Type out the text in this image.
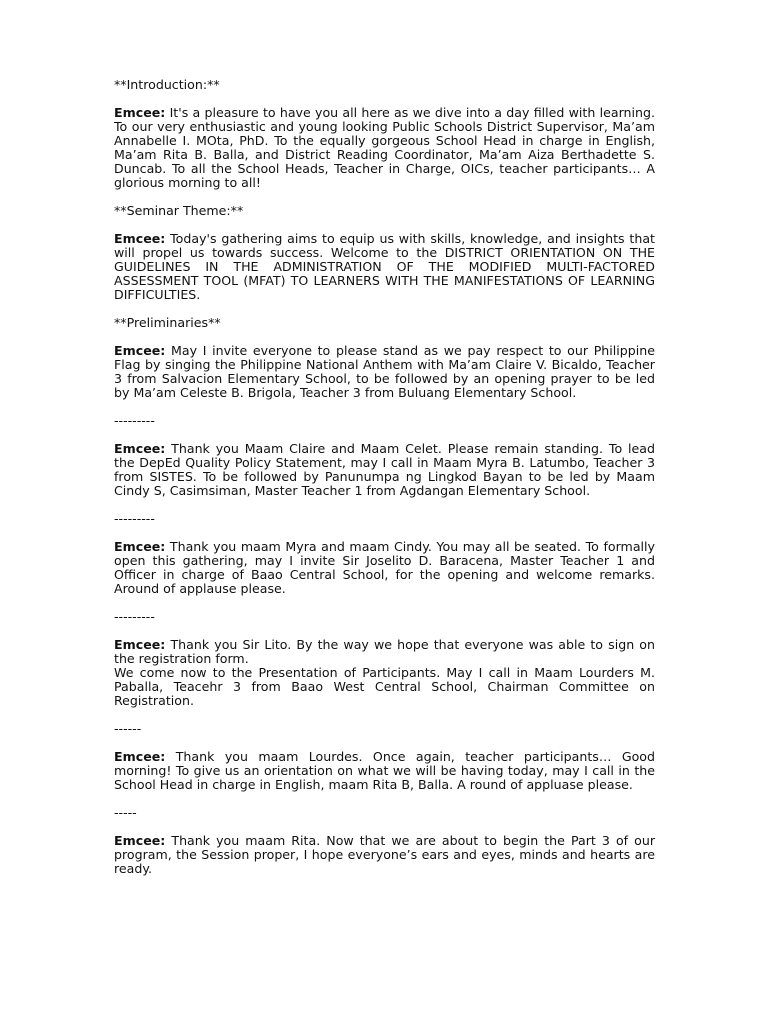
**Introduction:**

Emcee: It's a pleasure to have you all here as we dive into a day filled with learning. To our very enthusiastic and young looking Public Schools District Supervisor, Ma’am Annabelle I. MOta, PhD. To the equally gorgeous School Head in charge in English, Ma’am Rita B. Balla, and District Reading Coordinator, Ma’am Aiza Berthadette S. Duncab. To all the School Heads, Teacher in Charge, OICs, teacher participants… A glorious morning to all!

**Seminar Theme:**

Emcee: Today's gathering aims to equip us with skills, knowledge, and insights that will propel us towards success. Welcome to the DISTRICT ORIENTATION ON THE GUIDELINES IN THE ADMINISTRATION OF THE MODIFIED MULTI-FACTORED ASSESSMENT TOOL (MFAT) TO LEARNERS WITH THE MANIFESTATIONS OF LEARNING DIFFICULTIES.

**Preliminaries**

Emcee: May I invite everyone to please stand as we pay respect to our Philippine Flag by singing the Philippine National Anthem with Ma’am Claire V. Bicaldo, Teacher 3 from Salvacion Elementary School, to be followed by an opening prayer to be led by Ma’am Celeste B. Brigola, Teacher 3 from Buluang Elementary School.

---------

Emcee: Thank you Maam Claire and Maam Celet. Please remain standing. To lead the DepEd Quality Policy Statement, may I call in Maam Myra B. Latumbo, Teacher 3 from SISTES. To be followed by Panunumpa ng Lingkod Bayan to be led by Maam Cindy S, Casimsiman, Master Teacher 1 from Agdangan Elementary School.

---------

Emcee: Thank you maam Myra and maam Cindy. You may all be seated. To formally open this gathering, may I invite Sir Joselito D. Baracena, Master Teacher 1 and Officer in charge of Baao Central School, for the opening and welcome remarks. Around of applause please.

---------

Emcee: Thank you Sir Lito. By the way we hope that everyone was able to sign on the registration form.
We come now to the Presentation of Participants. May I call in Maam Lourders M. Paballa, Teacehr 3 from Baao West Central School, Chairman Committee on Registration.

------

Emcee: Thank you maam Lourdes. Once again, teacher participants… Good morning! To give us an orientation on what we will be having today, may I call in the School Head in charge in English, maam Rita B, Balla. A round of appluase please.

-----

Emcee: Thank you maam Rita. Now that we are about to begin the Part 3 of our program, the Session proper, I hope everyone’s ears and eyes, minds and hearts are ready.
